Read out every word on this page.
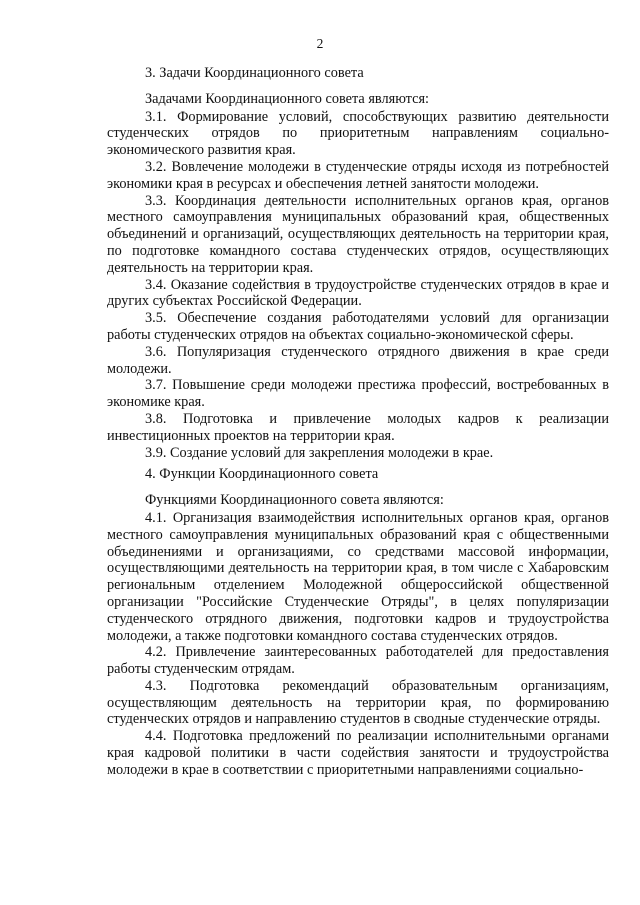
2

3. Задачи Координационного совета

Задачами Координационного совета являются:

3.1. Формирование условий, способствующих развитию деятельности студенческих отрядов по приоритетным направлениям социально-экономического развития края.

3.2. Вовлечение молодежи в студенческие отряды исходя из потребностей экономики края в ресурсах и обеспечения летней занятости молодежи.

3.3. Координация деятельности исполнительных органов края, органов местного самоуправления муниципальных образований края, общественных объединений и организаций, осуществляющих деятельность на территории края, по подготовке командного состава студенческих отрядов, осуществляющих деятельность на территории края.

3.4. Оказание содействия в трудоустройстве студенческих отрядов в крае и других субъектах Российской Федерации.

3.5. Обеспечение создания работодателями условий для организации работы студенческих отрядов на объектах социально-экономической сферы.

3.6. Популяризация студенческого отрядного движения в крае среди молодежи.

3.7. Повышение среди молодежи престижа профессий, востребованных в экономике края.

3.8. Подготовка и привлечение молодых кадров к реализации инвестиционных проектов на территории края.

3.9. Создание условий для закрепления молодежи в крае.

4. Функции Координационного совета

Функциями Координационного совета являются:

4.1. Организация взаимодействия исполнительных органов края, органов местного самоуправления муниципальных образований края с общественными объединениями и организациями, со средствами массовой информации, осуществляющими деятельность на территории края, в том числе с Хабаровским региональным отделением Молодежной общероссийской общественной организации "Российские Студенческие Отряды", в целях популяризации студенческого отрядного движения, подготовки кадров и трудоустройства молодежи, а также подготовки командного состава студенческих отрядов.

4.2. Привлечение заинтересованных работодателей для предоставления работы студенческим отрядам.

4.3. Подготовка рекомендаций образовательным организациям, осуществляющим деятельность на территории края, по формированию студенческих отрядов и направлению студентов в сводные студенческие отряды.

4.4. Подготовка предложений по реализации исполнительными органами края кадровой политики в части содействия занятости и трудоустройства молодежи в крае в соответствии с приоритетными направлениями социально-
